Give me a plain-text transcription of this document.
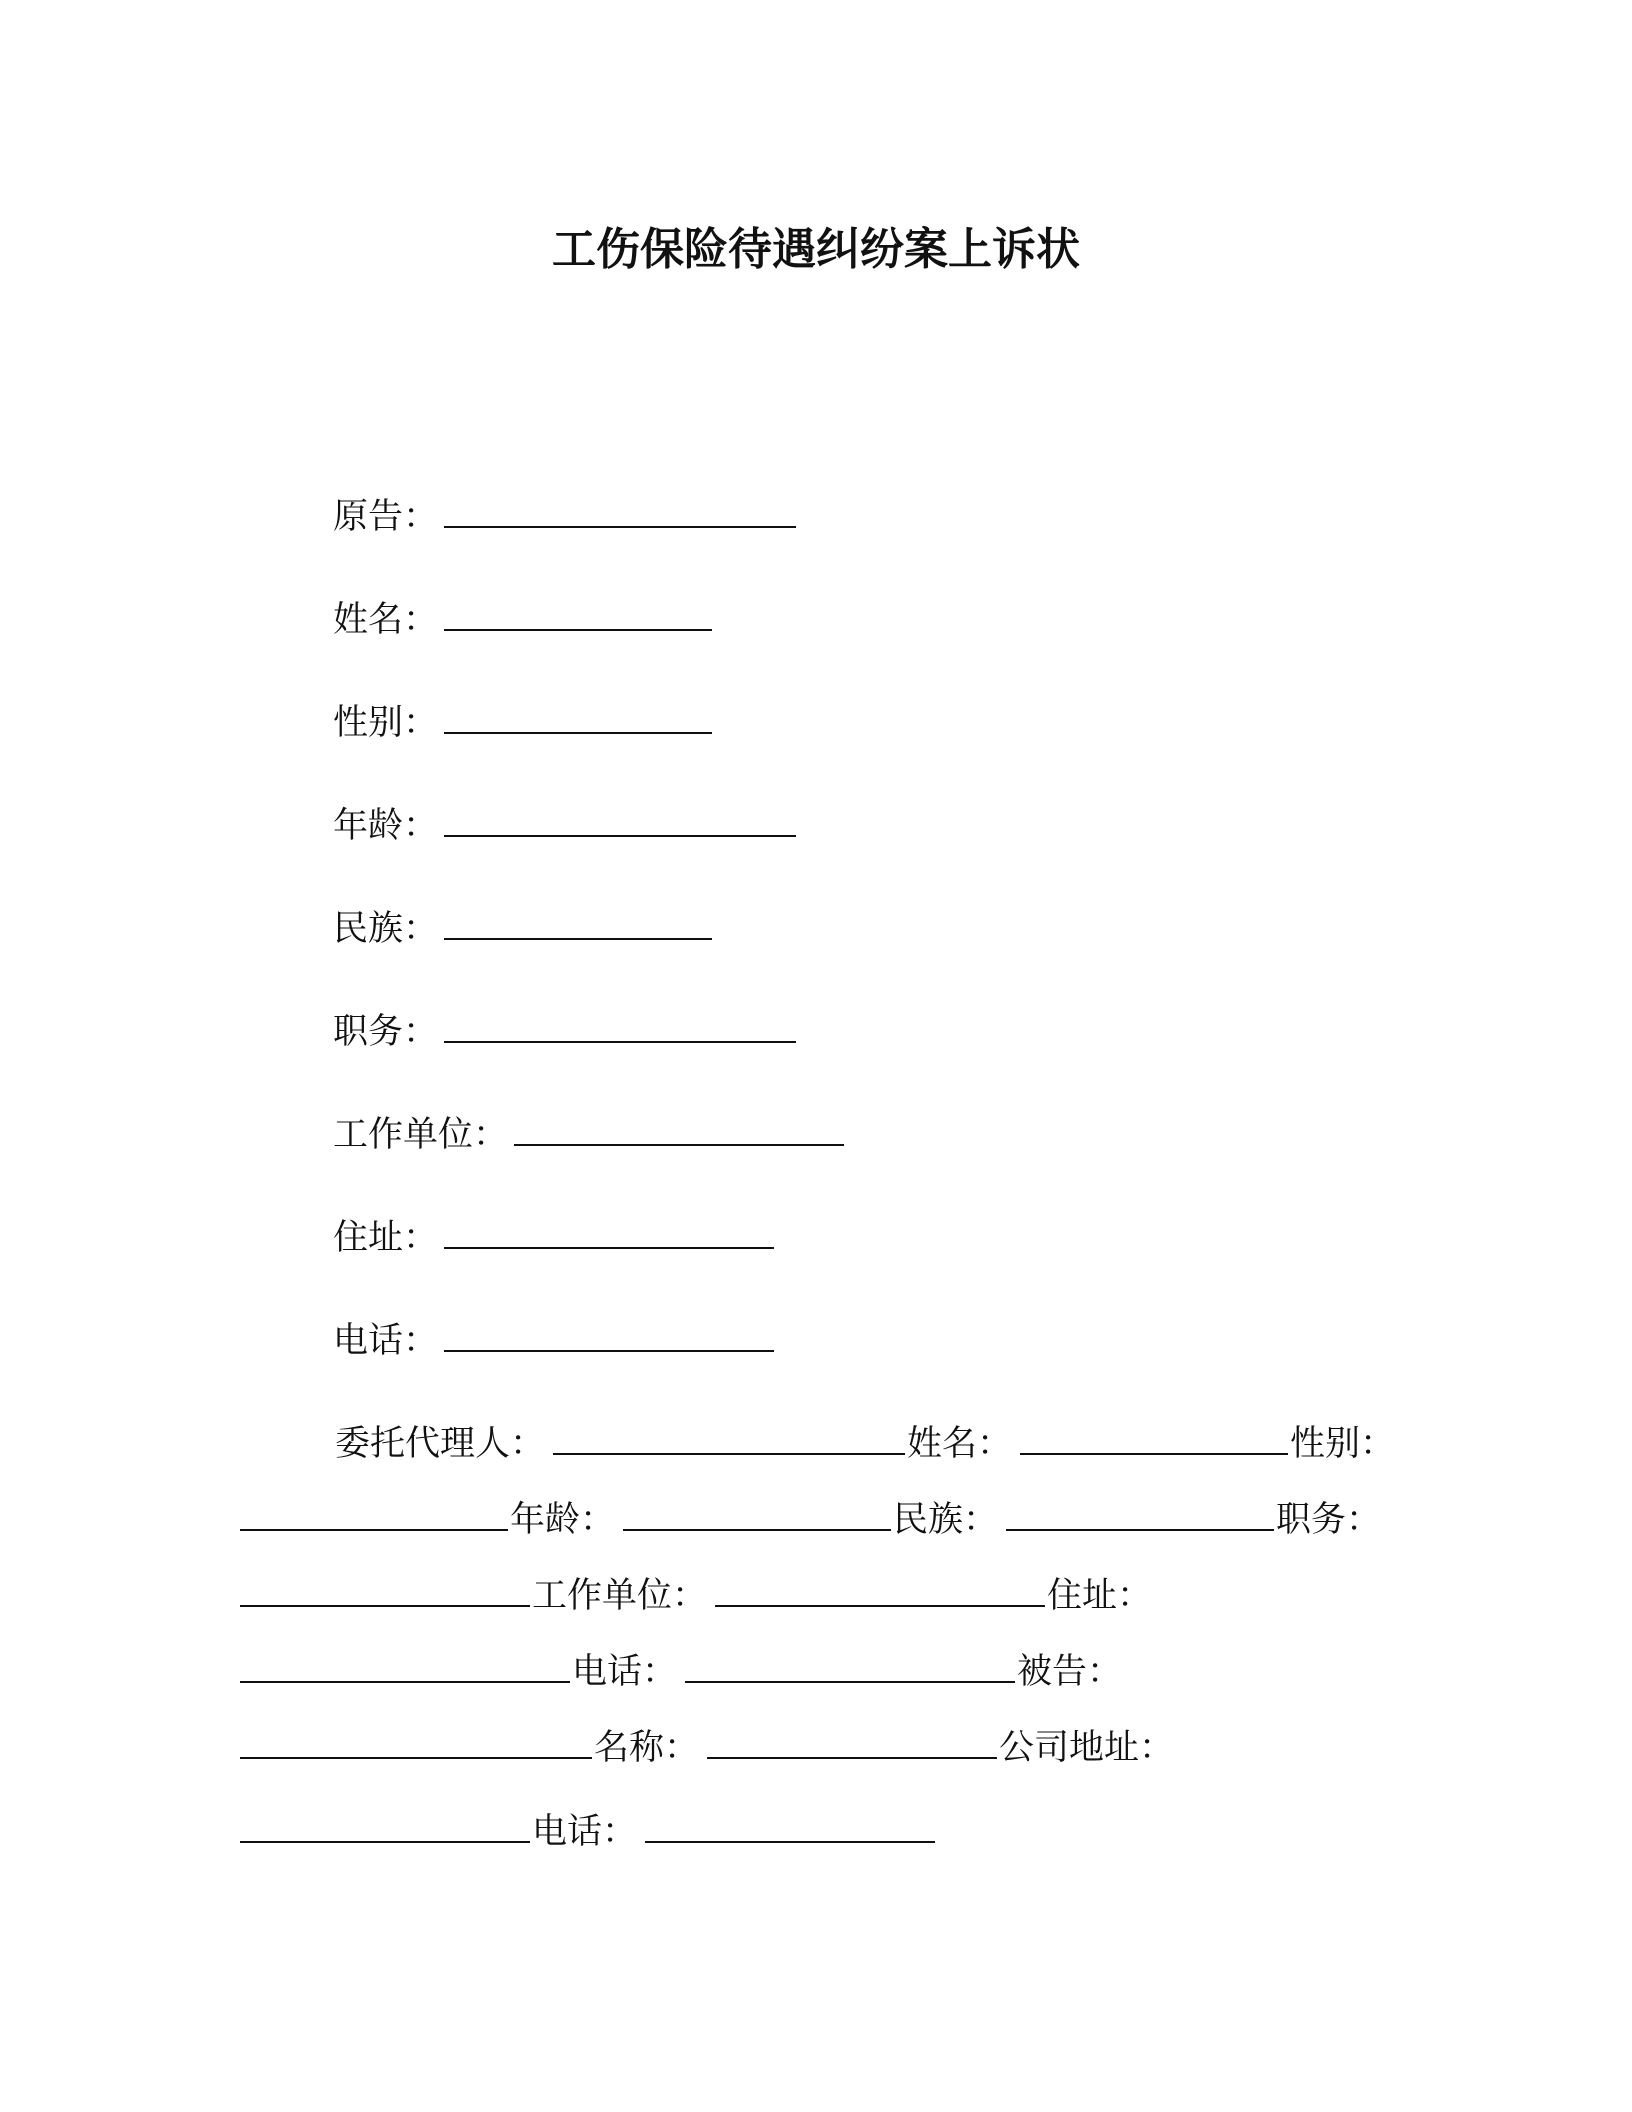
工伤保险待遇纠纷案上诉状
原告：
姓名：
性别：
年龄：
民族：
职务：
工作单位：
住址：
电话：
委托代理人：	姓名：	性别：
年龄：	民族：	职务：
工作单位：	住址：
电话：	被告：
名称：	公司地址：
电话：
